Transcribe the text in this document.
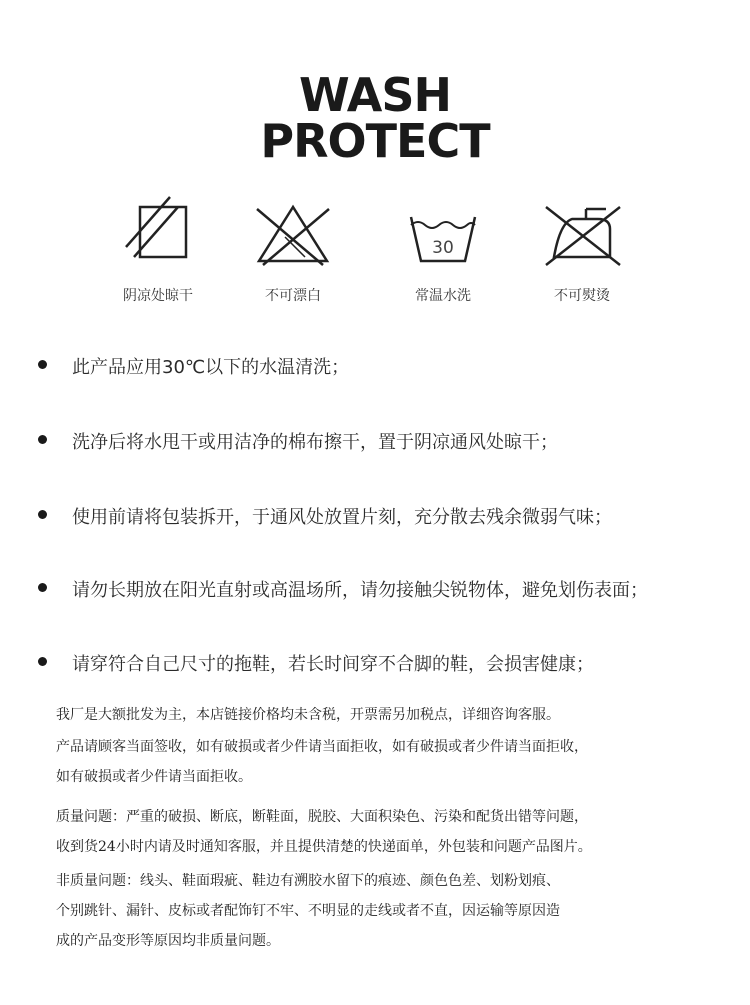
WASH
PROTECT
阴凉处晾干	不可漂白
30
常温水洗	不可熨烫
此产品应用30℃以下的水温清洗；
洗净后将水甩干或用洁净的棉布擦干，置于阴凉通风处晾干；
使用前请将包装拆开，于通风处放置片刻，充分散去残余微弱气味；
请勿长期放在阳光直射或高温场所，请勿接触尖锐物体，避免划伤表面；
请穿符合自己尺寸的拖鞋，若长时间穿不合脚的鞋，会损害健康；
我厂是大额批发为主，本店链接价格均未含税，开票需另加税点，详细咨询客服。
产品请顾客当面签收，如有破损或者少件请当面拒收，如有破损或者少件请当面拒收，
如有破损或者少件请当面拒收。
质量问题：严重的破损、断底，断鞋面，脱胶、大面积染色、污染和配货出错等问题，
收到货24小时内请及时通知客服，并且提供清楚的快递面单，外包装和问题产品图片。
非质量问题：线头、鞋面瑕疵、鞋边有溯胶水留下的痕迹、颜色色差、划粉划痕、
个别跳针、漏针、皮标或者配饰钉不牢、不明显的走线或者不直，因运输等原因造
成的产品变形等原因均非质量问题。
